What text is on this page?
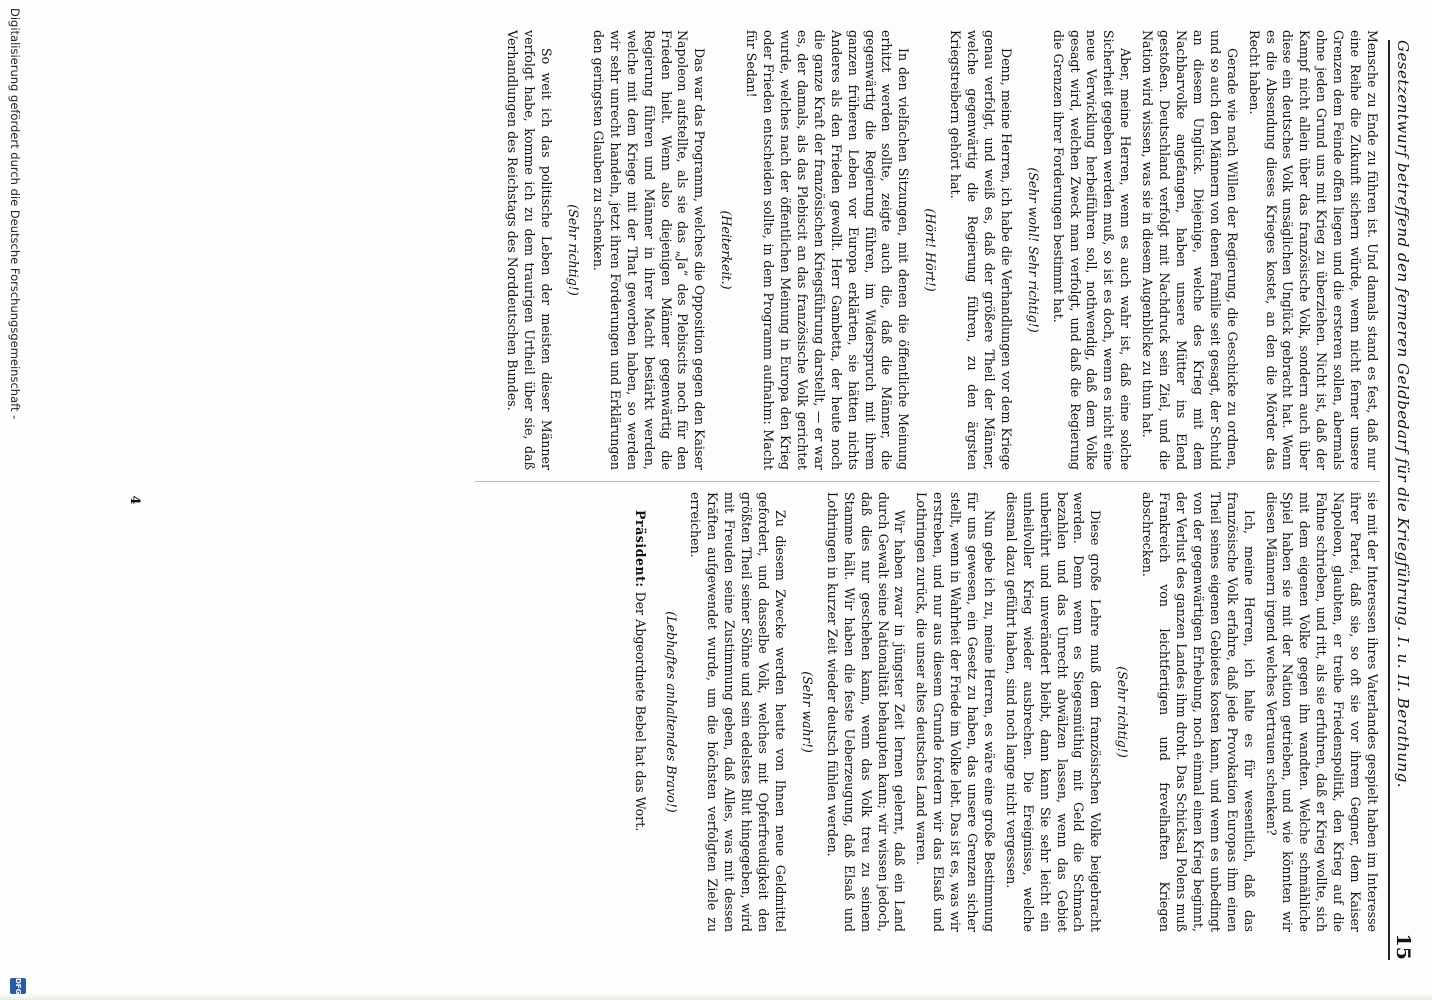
Gesetzentwurf betreffend den ferneren Geldbedarf für die Kriegführung. I. u. II. Berathung.
15

Mensche zu Ende zu führen ist. Und damals stand es fest, daß nur eine Reihe die Zukunft sichern würde, wenn nicht ferner unsere Grenzen dem Feinde offen liegen und die ersteren sollen, abermals ohne jeden Grund uns mit Krieg zu überziehen. Nicht ist, daß der Kampf nicht allein über das französische Volk, sondern auch über diese ein deutsches Volk unsäglichen Unglück gebracht hat. Wenn es die Absendung dieses Krieges kostet, an den die Mörder das Recht haben.

Gerade wie nach Willen der Regierung, die Geschicke zu ordnen, und so auch den Männern von denen Familie seit gesagt, der Schuld an diesem Unglück. Diejenige, welche des Krieg mit dem Nachbarvolke angefangen, haben unsere Mütter ins Elend gestoßen. Deutschland verfolgt mit Nachdruck sein Ziel, und die Nation wird wissen, was sie in diesem Augenblicke zu thun hat.

Aber, meine Herren, wenn es auch wahr ist, daß eine solche Sicherheit gegeben werden muß, so ist es doch, wenn es nicht eine neue Verwicklung herbeiführen soll, nothwendig, daß dem Volke gesagt wird, welchen Zweck man verfolgt, und daß die Regierung die Grenzen ihrer Forderungen bestimmt hat.

(Sehr wohl! Sehr richtig!)

Denn, meine Herren, ich habe die Verhandlungen vor dem Kriege genau verfolgt, und weiß es, daß der größere Theil der Männer, welche gegenwärtig die Regierung führen, zu den ärgsten Kriegstreibern gehört hat.

(Hört! Hört!)

In den vielfachen Sitzungen, mit denen die öffentliche Meinung erhitzt werden sollte, zeigte auch die, daß die Männer, die gegenwärtig die Regierung führen, im Widerspruch mit ihrem ganzen früheren Leben vor Europa erklärten, sie hätten nichts Anderes als den Frieden gewollt. Herr Gambetta, der heute noch die ganze Kraft der französischen Kriegsführung darstellt, — er war es, der damals, als das Plebiscit an das französische Volk gerichtet wurde, welches nach der öffentlichen Meinung in Europa den Krieg oder Frieden entscheiden sollte, in dem Programm aufnahm: Macht für Sedan!

(Heiterkeit.)

Das war das Programm, welches die Opposition gegen den Kaiser Napoleon aufstellte, als sie das „Ja“ des Plebiscits noch für den Frieden hielt. Wenn also diejenigen Männer gegenwärtig die Regierung führen und Männer in ihrer Macht bestärkt werden, welche mit dem Kriege mit der That geworben haben, so werden wir sehr unrecht handeln, jetzt ihren Forderungen und Erklärungen den geringsten Glauben zu schenken.

(Sehr richtig!)

So weit ich das politische Leben der meisten dieser Männer verfolgt habe, komme ich zu dem traurigen Urtheil über sie, daß Verhandlungen des Reichstags des Norddeutschen Bundes.

sie mit der Interessen ihres Vaterlandes gespielt haben im Interesse ihrer Partei, daß sie, so oft sie vor ihrem Gegner, dem Kaiser Napoleon, glaubten, er treibe Friedenspolitik, den Krieg auf die Fahne schrieben, und ritt, als sie erfuhren, daß er Krieg wollte, sich mit dem eigenen Volke gegen ihn wandten. Welche schmähliche Spiel haben sie mit der Nation getrieben, und wie könnten wir diesen Männern irgend welches Vertrauen schenken?

Ich, meine Herren, ich halte es für wesentlich, daß das französische Volk erfahre, daß jede Provokation Europas ihm einen Theil seines eigenen Gebietes kosten kann, und wenn es unbedingt von der gegenwärtigen Erhebung, noch einmal einen Krieg beginnt, der Verlust des ganzen Landes ihm droht. Das Schicksal Polens muß Frankreich von leichtfertigen und frevelhaften Kriegen abschrecken.

(Sehr richtig!)

Diese große Lehre muß dem französischen Volke beigebracht werden. Denn wenn es Siegesmüthig mit Geld die Schmach bezahlen und das Unrecht abwälzen lassen, wenn das Gebiet unberührt und unverändert bleibt, dann kann Sie sehr leicht ein unheilvoller Krieg wieder ausbrechen. Die Ereignisse, welche diesmal dazu geführt haben, sind noch lange nicht vergessen.

Nun gebe ich zu, meine Herren, es wäre eine große Bestimmung für uns gewesen, ein Gesetz zu haben, das unsere Grenzen sicher stellt, wenn in Wahrheit der Friede im Volke lebt. Das ist es, was wir erstreben, und nur aus diesem Grunde fordern wir das Elsaß und Lothringen zurück, die unser altes deutsches Land waren.

Wir haben zwar in jüngster Zeit lernen gelernt, daß ein Land durch Gewalt seine Nationalität behaupten kann; wir wissen jedoch, daß dies nur geschehen kann, wenn das Volk treu zu seinem Stamme hält. Wir haben die feste Ueberzeugung, daß Elsaß und Lothringen in kurzer Zeit wieder deutsch fühlen werden.

(Sehr wahr!)

Zu diesem Zwecke werden heute von Ihnen neue Geldmittel gefordert, und dasselbe Volk, welches mit Opferfreudigkeit den größten Theil seiner Söhne und sein edelstes Blut hingegeben, wird mit Freuden seine Zustimmung geben, daß Alles, was mit dessen Kräften aufgewendet wurde, um die höchsten verfolgten Ziele zu erreichen.

(Lebhaftes anhaltendes Bravo!)

Präsident: Der Abgeordnete Bebel hat das Wort.

4
Digitalisierung gefördert durch die Deutsche Forschungsgemeinschaft -
DFG
